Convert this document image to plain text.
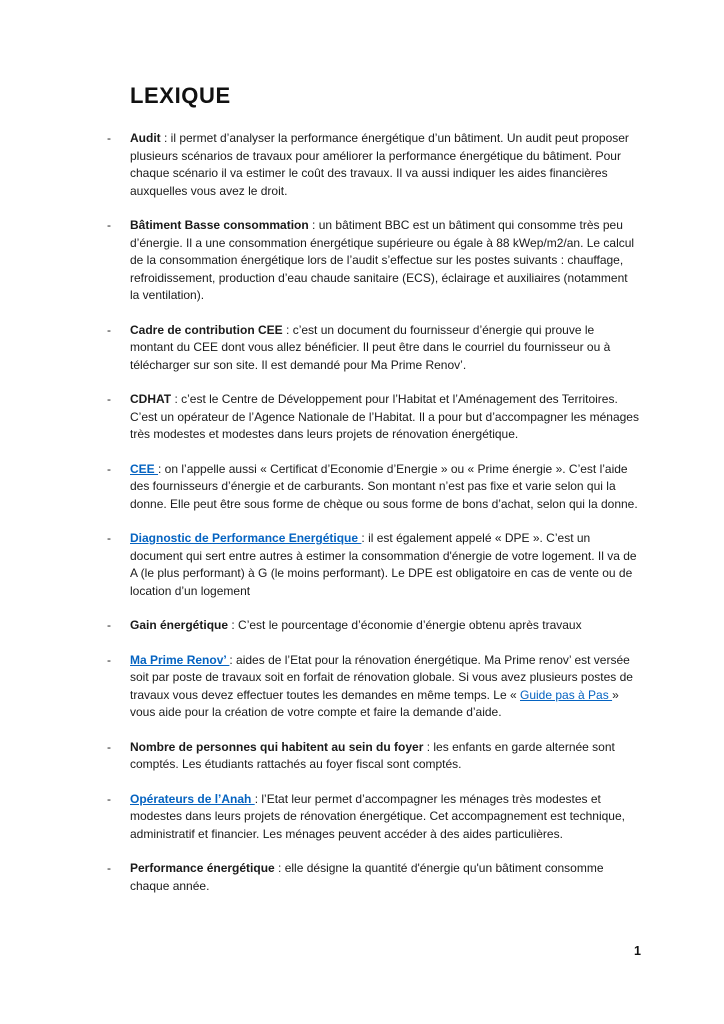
LEXIQUE
-	Audit : il permet d’analyser la performance énergétique d’un bâtiment. Un audit peut proposer plusieurs scénarios de travaux pour améliorer la performance énergétique du bâtiment. Pour chaque scénario il va estimer le coût des travaux. Il va aussi indiquer les aides financières auxquelles vous avez le droit.

-	Bâtiment Basse consommation : un bâtiment BBC est un bâtiment qui consomme très peu d’énergie. Il a une consommation énergétique supérieure ou égale à 88 kWep/m2/an. Le calcul de la consommation énergétique lors de l’audit s’effectue sur les postes suivants : chauffage, refroidissement, production d’eau chaude sanitaire (ECS), éclairage et auxiliaires (notamment la ventilation).

-	Cadre de contribution CEE : c’est un document du fournisseur d’énergie qui prouve le montant du CEE dont vous allez bénéficier. Il peut être dans le courriel du fournisseur ou à télécharger sur son site. Il est demandé pour Ma Prime Renov’.

-	CDHAT : c’est le Centre de Développement pour l’Habitat et l’Aménagement des Territoires. C’est un opérateur de l’Agence Nationale de l’Habitat. Il a pour but d’accompagner les ménages très modestes et modestes dans leurs projets de rénovation énergétique.

-	CEE : on l’appelle aussi « Certificat d’Economie d’Energie » ou « Prime énergie ». C’est l’aide des fournisseurs d’énergie et de carburants. Son montant n’est pas fixe et varie selon qui la donne. Elle peut être sous forme de chèque ou sous forme de bons d’achat, selon qui la donne.

-	Diagnostic de Performance Energétique : il est également appelé « DPE ». C’est un document qui sert entre autres à estimer la consommation d'énergie de votre logement. Il va de A (le plus performant) à G (le moins performant). Le DPE est obligatoire en cas de vente ou de location d’un logement

-	Gain énergétique : C’est le pourcentage d’économie d’énergie obtenu après travaux

-	Ma Prime Renov’ : aides de l’Etat pour la rénovation énergétique. Ma Prime renov’ est versée soit par poste de travaux soit en forfait de rénovation globale. Si vous avez plusieurs postes de travaux vous devez effectuer toutes les demandes en même temps. Le « Guide pas à Pas » vous aide pour la création de votre compte et faire la demande d’aide.

-	Nombre de personnes qui habitent au sein du foyer : les enfants en garde alternée sont comptés. Les étudiants rattachés au foyer fiscal sont comptés.

-	Opérateurs de l’Anah : l’Etat leur permet d’accompagner les ménages très modestes et modestes dans leurs projets de rénovation énergétique. Cet accompagnement est technique, administratif et financier. Les ménages peuvent accéder à des aides particulières.

-	Performance énergétique : elle désigne la quantité d'énergie qu'un bâtiment consomme chaque année.

1
